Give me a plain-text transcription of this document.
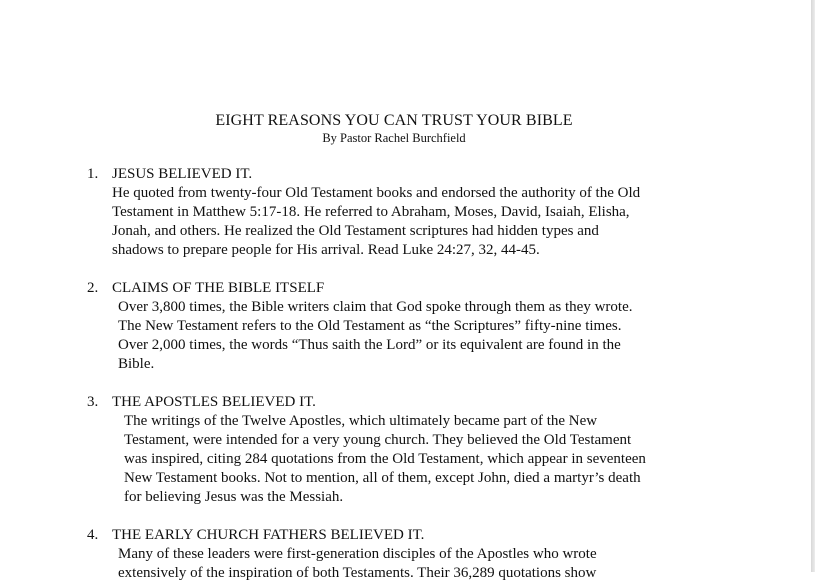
EIGHT REASONS YOU CAN TRUST YOUR BIBLE
By Pastor Rachel Burchfield
1. JESUS BELIEVED IT.
He quoted from twenty-four Old Testament books and endorsed the authority of the Old
Testament in Matthew 5:17-18. He referred to Abraham, Moses, David, Isaiah, Elisha,
Jonah, and others. He realized the Old Testament scriptures had hidden types and
shadows to prepare people for His arrival. Read Luke 24:27, 32, 44-45.
2. CLAIMS OF THE BIBLE ITSELF
Over 3,800 times, the Bible writers claim that God spoke through them as they wrote.
The New Testament refers to the Old Testament as “the Scriptures” fifty-nine times.
Over 2,000 times, the words “Thus saith the Lord” or its equivalent are found in the
Bible.
3. THE APOSTLES BELIEVED IT.
The writings of the Twelve Apostles, which ultimately became part of the New
Testament, were intended for a very young church. They believed the Old Testament
was inspired, citing 284 quotations from the Old Testament, which appear in seventeen
New Testament books. Not to mention, all of them, except John, died a martyr’s death
for believing Jesus was the Messiah.
4. THE EARLY CHURCH FATHERS BELIEVED IT.
Many of these leaders were first-generation disciples of the Apostles who wrote
extensively of the inspiration of both Testaments. Their 36,289 quotations show
